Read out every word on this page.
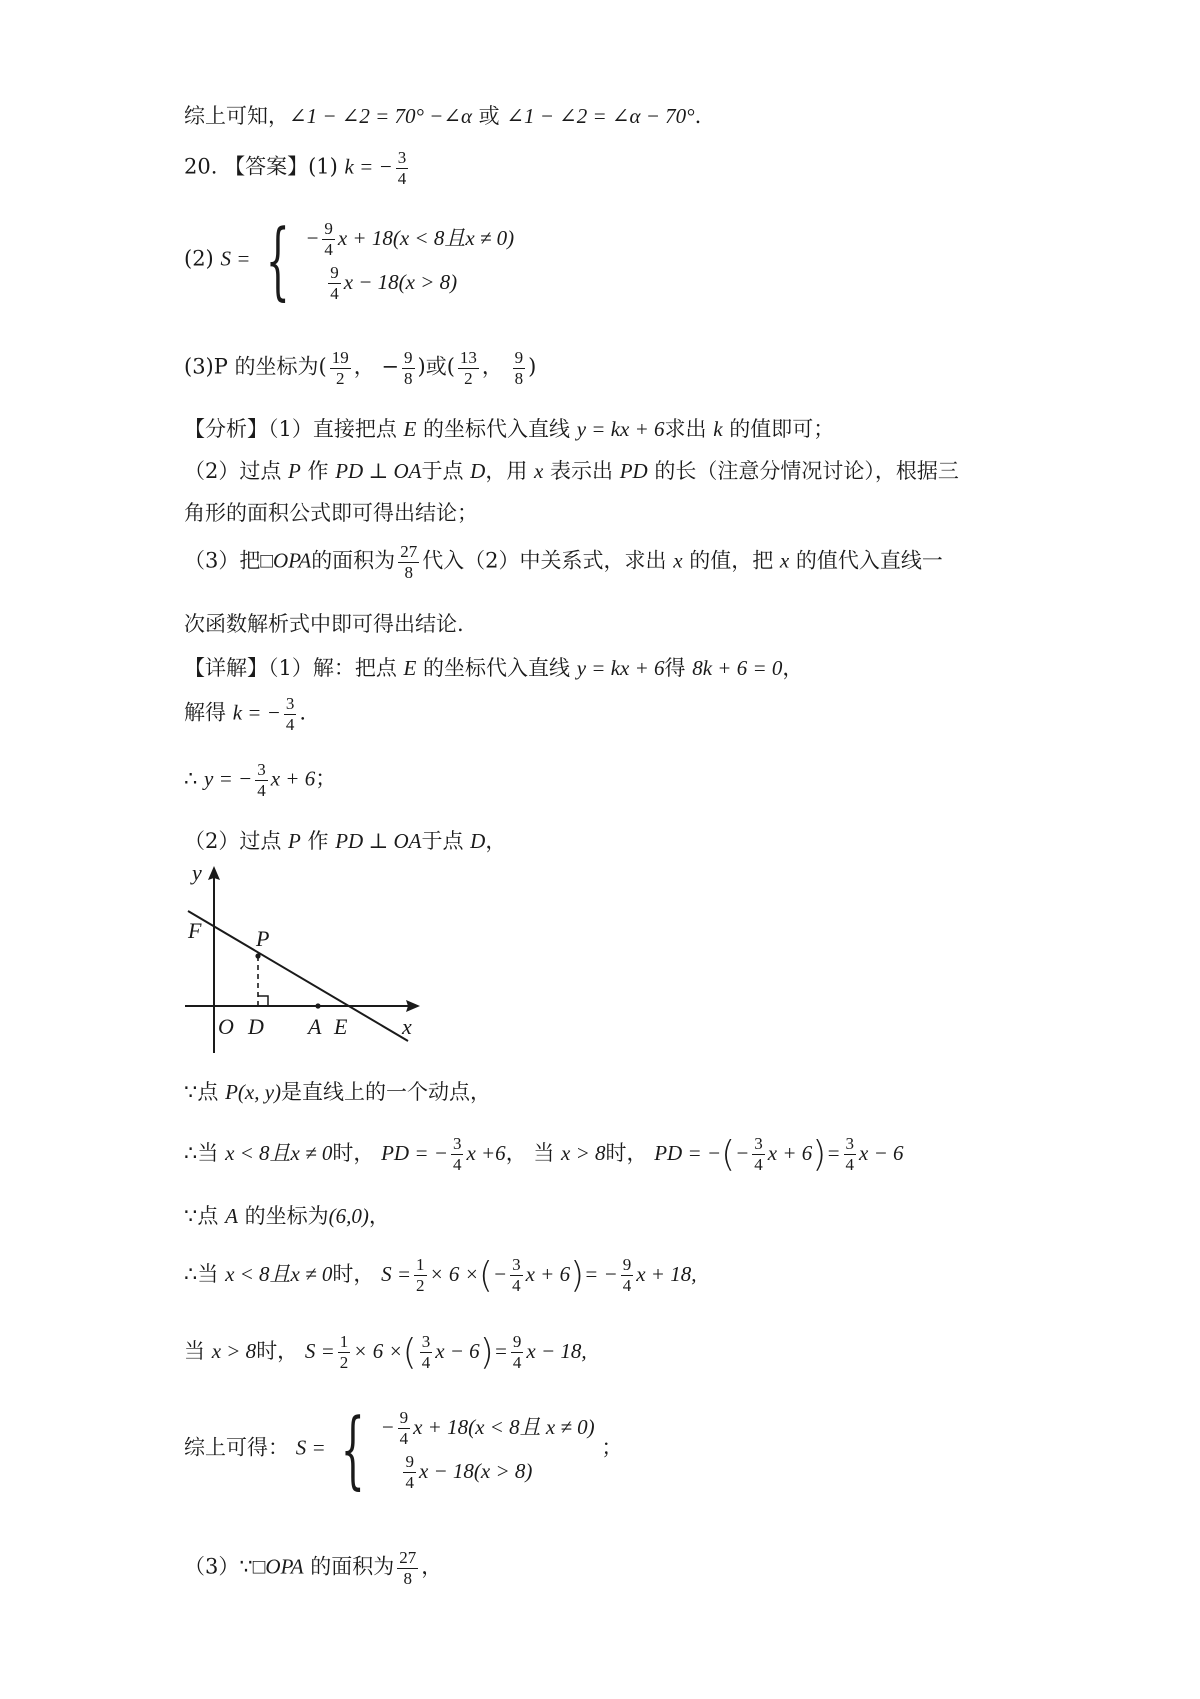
综上可知，∠1 − ∠2 = 70° −∠α 或 ∠1 − ∠2 = ∠α − 70°.
20. 【答案】(1) k = − $\frac{3}{4}$
(2) S = { − $\frac{9}{4}$ x + 18(x < 8且x ≠ 0)
$\frac{9}{4}$ x − 18(x > 8)
(3)P 的坐标为( $\frac{19}{2}$ ， − $\frac{9}{8}$ )或( $\frac{13}{2}$ ， $\frac{9}{8}$ )
【分析】（1）直接把点 E 的坐标代入直线 y = kx + 6求出 k 的值即可；
（2）过点 P 作 PD ⊥ OA于点 D，用 x 表示出 PD 的长（注意分情况讨论），根据三
角形的面积公式即可得出结论；
（3）把□OPA的面积为 $\frac{27}{8}$ 代入（2）中关系式，求出 x 的值，把 x 的值代入直线一
次函数解析式中即可得出结论.
【详解】（1）解：把点 E 的坐标代入直线 y = kx + 6得 8k + 6 = 0，
解得 k = − $\frac{3}{4}$ .
∴ y = − $\frac{3}{4}$ x + 6；
（2）过点 P 作 PD ⊥ OA于点 D，
y
x
F P
O D A E
∵点 P(x, y)是直线上的一个动点，
∴当 x < 8且x ≠ 0时， PD = − $\frac{3}{4}$ x +6， 当 x > 8时， PD = −(− $\frac{3}{4}$ $x + 6)= \frac{3}{4}$ x − 6
∵点 A 的坐标为(6,0)，
∴当 x < 8且x ≠ 0时， $S = \frac{1}{2} \times 6$ ×(− $\frac{3}{4}$ $x + 6)= - \frac{9}{4}$ x + 18,
当 x > 8时， $S = \frac{1}{2} \times 6$ ×( $\frac{3}{4}$ $x - 6)= \frac{9}{4}$ x − 18,
综上可得： S = { − $\frac{9}{4}$ x + 18(x < 8且 x ≠ 0)
$\frac{9}{4}$ x − 18(x > 8)
；
（3）∵□OPA 的面积为 $\frac{27}{8}$ ，
